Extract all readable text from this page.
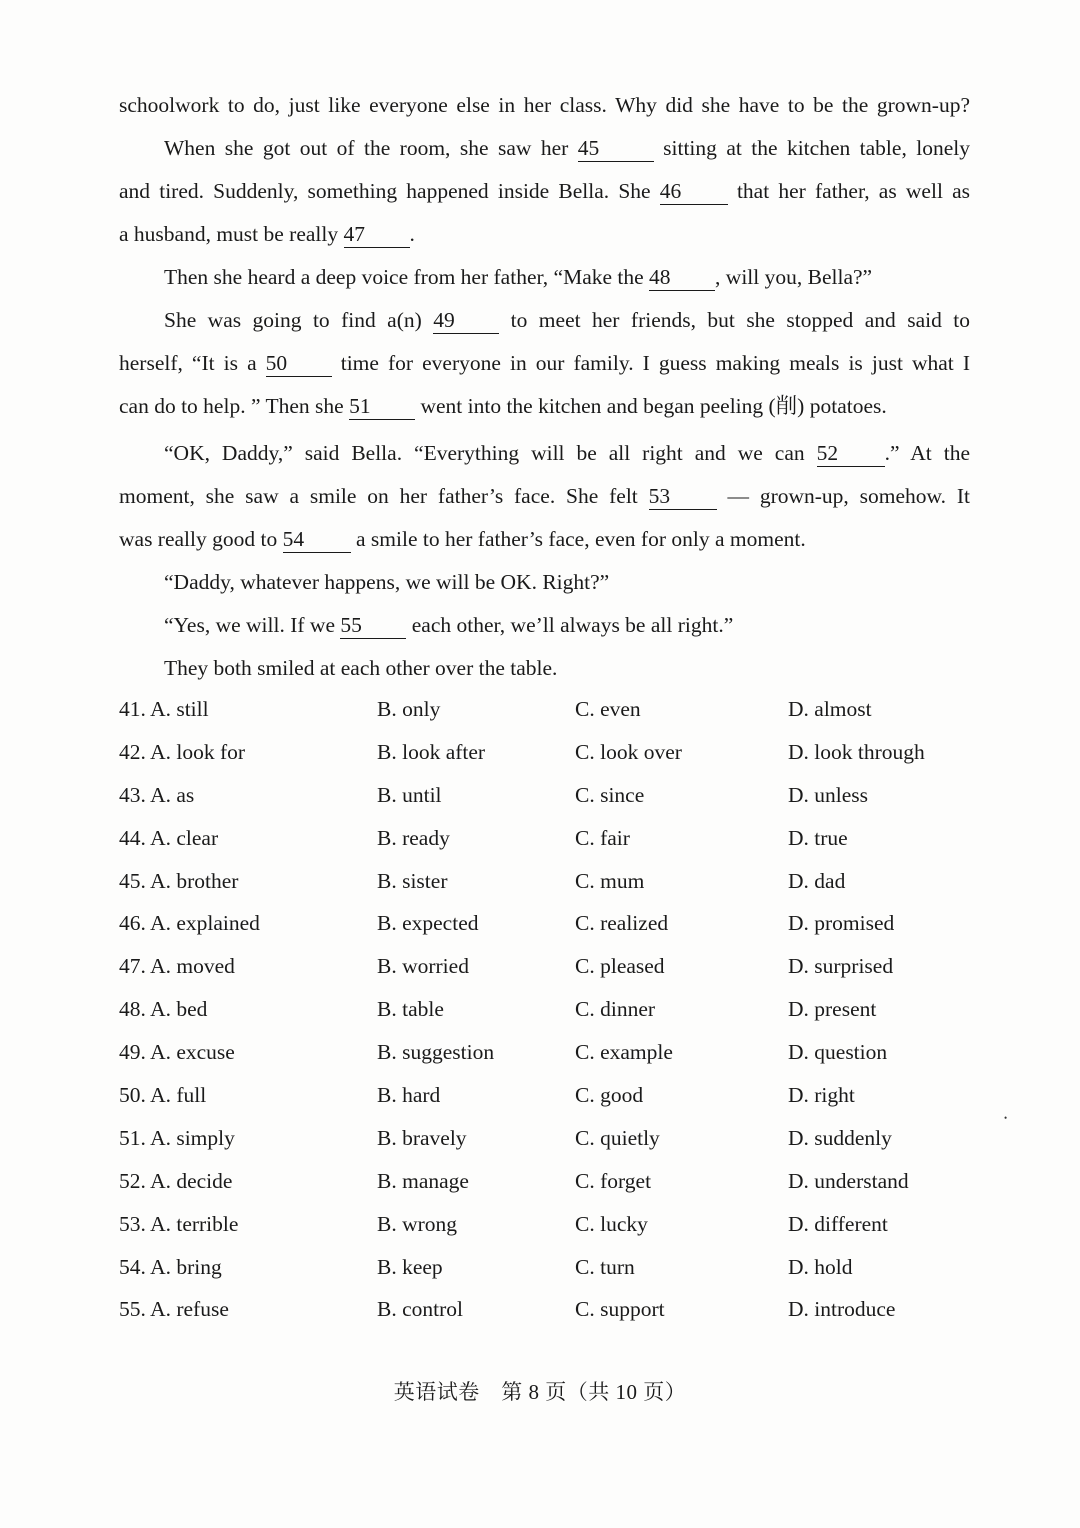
schoolwork to do, just like everyone else in her class. Why did she have to be the grown-up?
When she got out of the room, she saw her 45	sitting at the kitchen table, lonely
and tired. Suddenly, something happened inside Bella. She 46 that her father, as well as
a husband, must be really 47 .
Then she heard a deep voice from her father, “Make the 48 , will you, Bella?”
She was going to find a(n) 49 to meet her friends, but she stopped and said to
herself, “It is a 50 time for everyone in our family. I guess making meals is just what I
can do to help. ” Then she 51 went into the kitchen and began peeling (削) potatoes.
“OK, Daddy,” said Bella. “Everything will be all right and we can 52 .” At the
moment, she saw a smile on her father’s face. She felt 53 — grown-up, somehow. It
was really good to 54 a smile to her father’s face, even for only a moment.
“Daddy, whatever happens, we will be OK. Right?”
“Yes, we will. If we 55 each other, we’ll always be all right.”
They both smiled at each other over the table.
41. A. still	B. only	C. even	D. almost
42. A. look for	B. look after	C. look over	D. look through
43. A. as	B. until	C. since	D. unless
44. A. clear	B. ready	C. fair	D. true
45. A. brother	B. sister	C. mum	D. dad
46. A. explained	B. expected	C. realized	D. promised
47. A. moved	B. worried	C. pleased	D. surprised
48. A. bed	B. table	C. dinner	D. present
49. A. excuse	B. suggestion	C. example	D. question
50. A. full	B. hard	C. good	D. right
51. A. simply	B. bravely	C. quietly	D. suddenly
52. A. decide	B. manage	C. forget	D. understand
53. A. terrible	B. wrong	C. lucky	D. different
54. A. bring	B. keep	C. turn	D. hold
55. A. refuse	B. control	C. support	D. introduce
•
英语试卷　第 8 页（共 10 页）
